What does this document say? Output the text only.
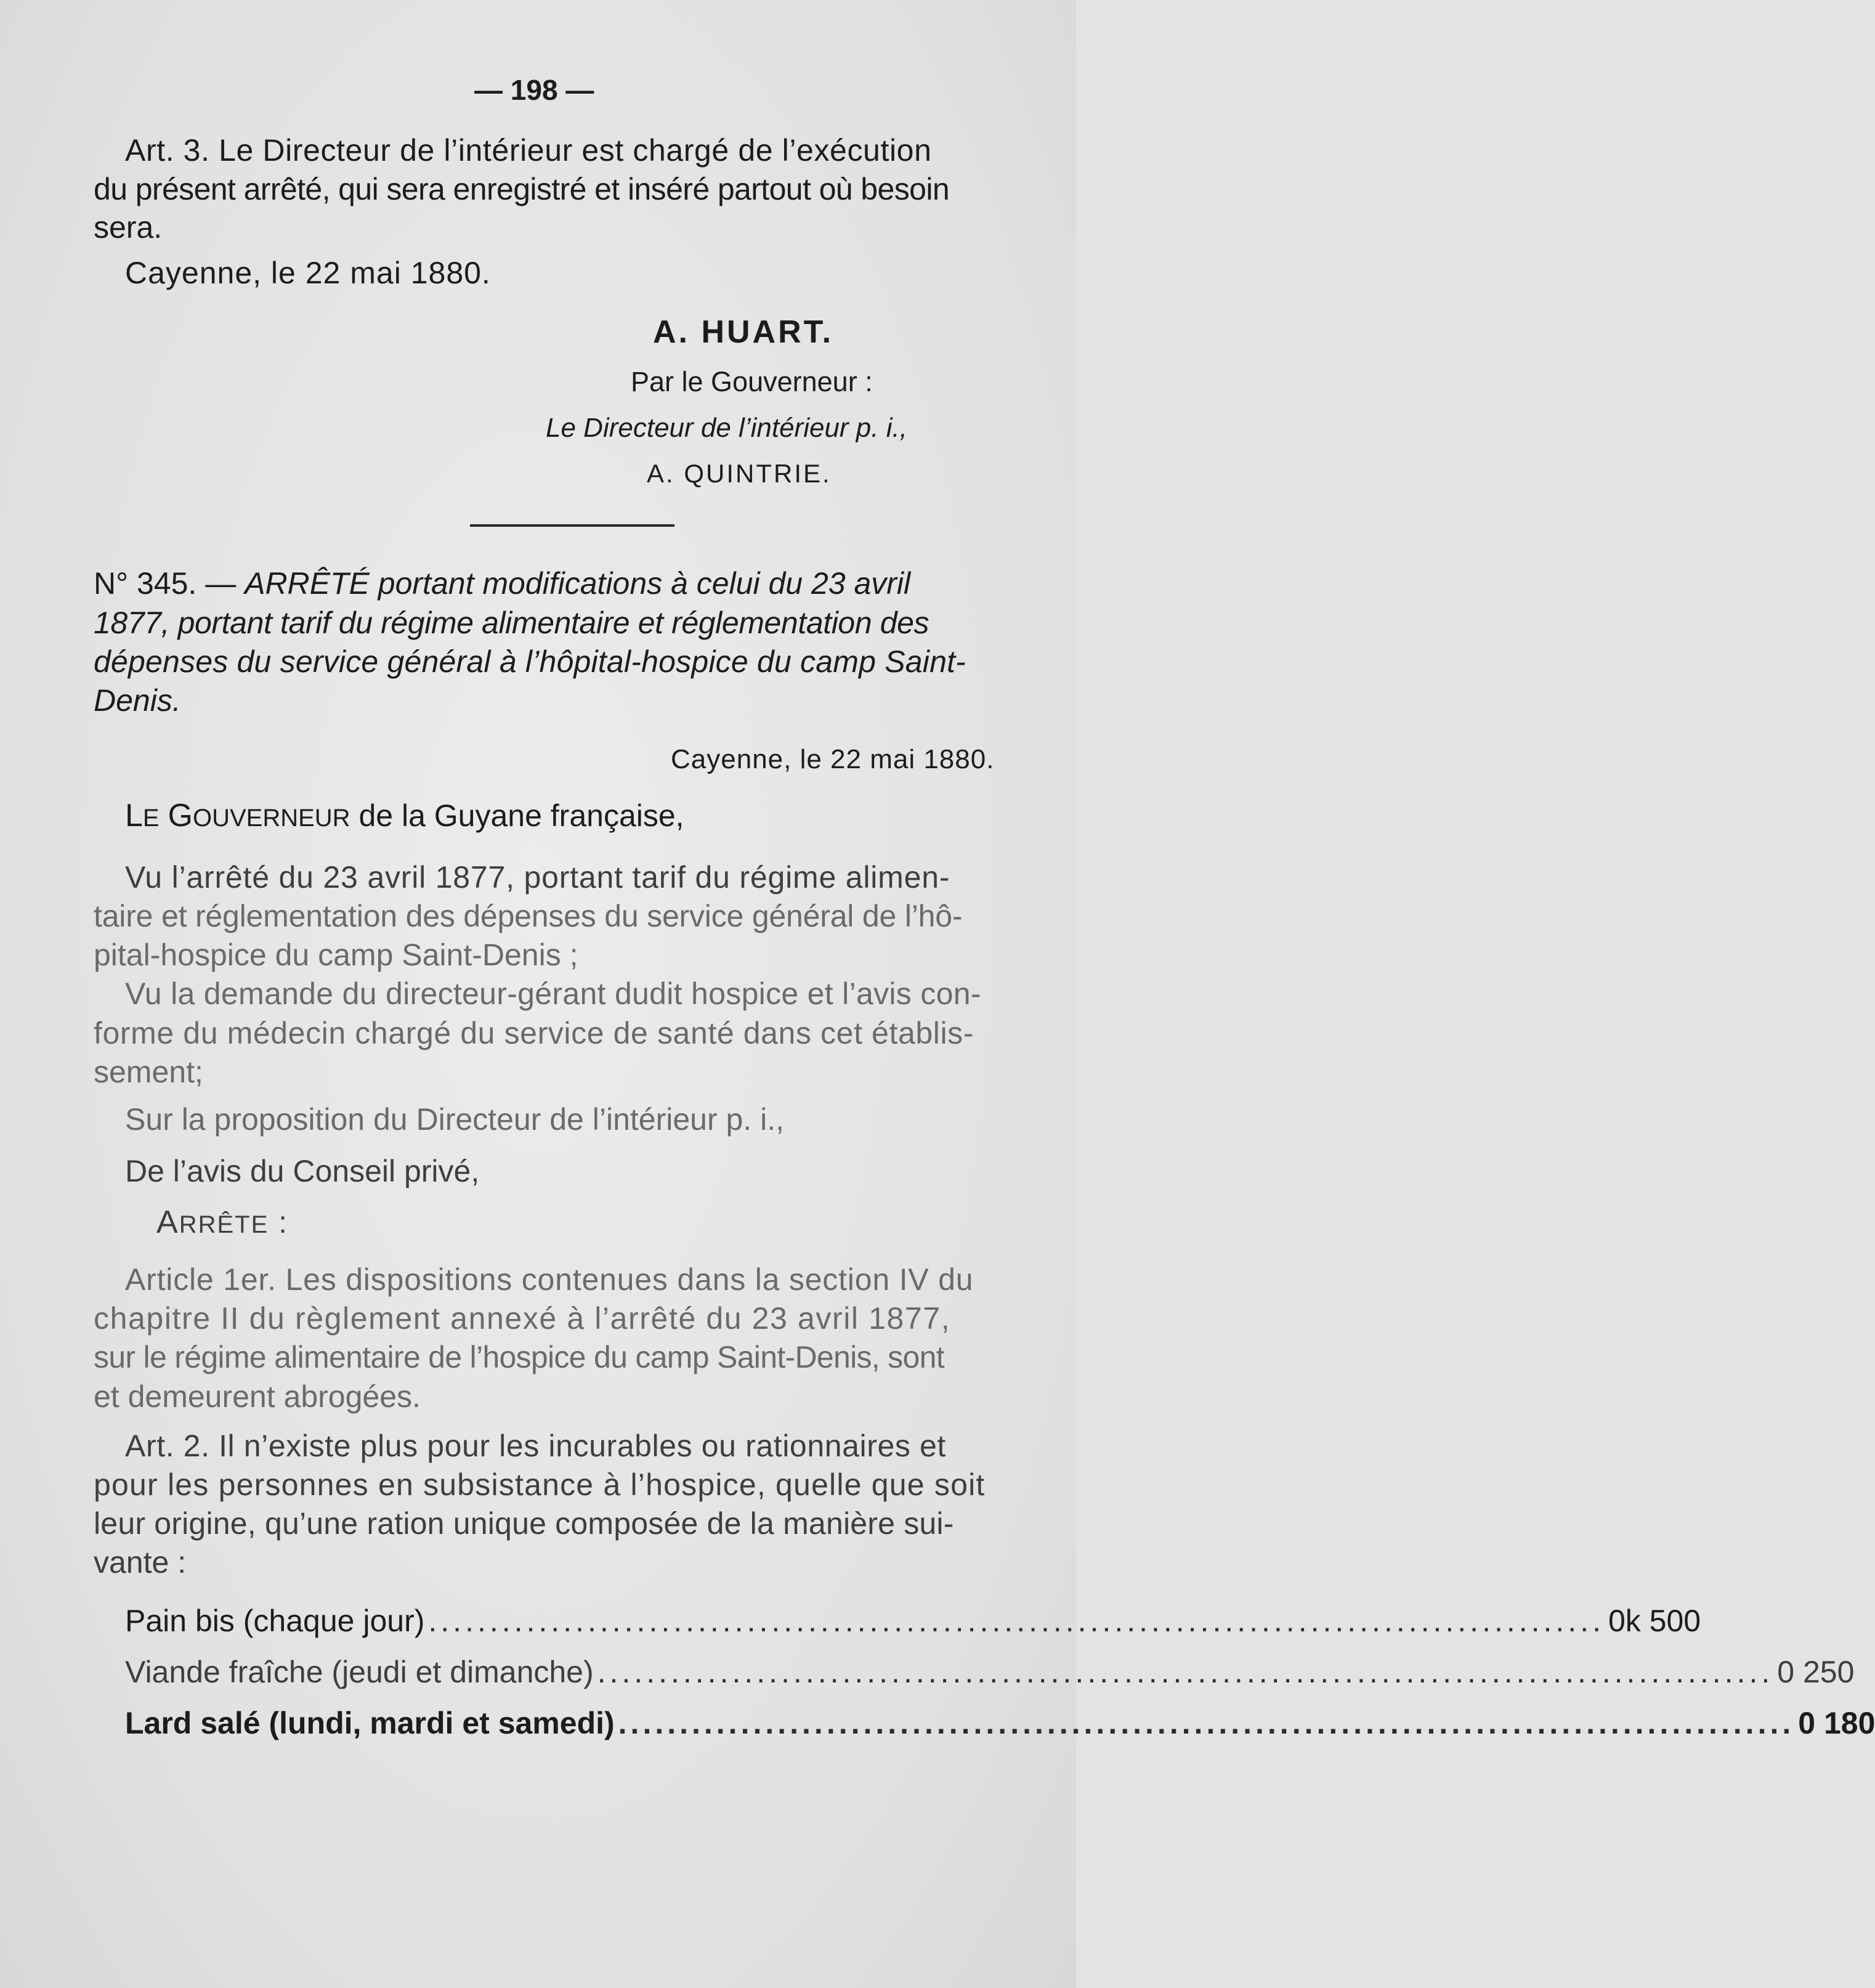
— 198 —
Art. 3. Le Directeur de l’intérieur est chargé de l’exécution
du présent arrêté, qui sera enregistré et inséré partout où besoin
sera.
Cayenne, le 22 mai 1880.
A. HUART.
Par le Gouverneur :
Le Directeur de l’intérieur p. i.,
A. QUINTRIE.
N° 345. — ARRÊTÉ portant modifications à celui du 23 avril
1877, portant tarif du régime alimentaire et réglementation des
dépenses du service général à l’hôpital-hospice du camp Saint-
Denis.
Cayenne, le 22 mai 1880.
LE GOUVERNEUR de la Guyane française,
Vu l’arrêté du 23 avril 1877, portant tarif du régime alimen-
taire et réglementation des dépenses du service général de l’hô-
pital-hospice du camp Saint-Denis ;
Vu la demande du directeur-gérant dudit hospice et l’avis con-
forme du médecin chargé du service de santé dans cet établis-
sement;
Sur la proposition du Directeur de l’intérieur p. i.,
De l’avis du Conseil privé,
ARRÊTE :
Article 1er. Les dispositions contenues dans la section IV du
chapitre II du règlement annexé à l’arrêté du 23 avril 1877,
sur le régime alimentaire de l’hospice du camp Saint-Denis, sont
et demeurent abrogées.
Art. 2. Il n’existe plus pour les incurables ou rationnaires et
pour les personnes en subsistance à l’hospice, quelle que soit
leur origine, qu’une ration unique composée de la manière sui-
vante :
Pain bis (chaque jour) ................................................................................................ 0k 500
Viande fraîche (jeudi et dimanche) ................................................................................................ 0 250
Lard salé (lundi, mardi et samedi) ................................................................................................ 0 180
